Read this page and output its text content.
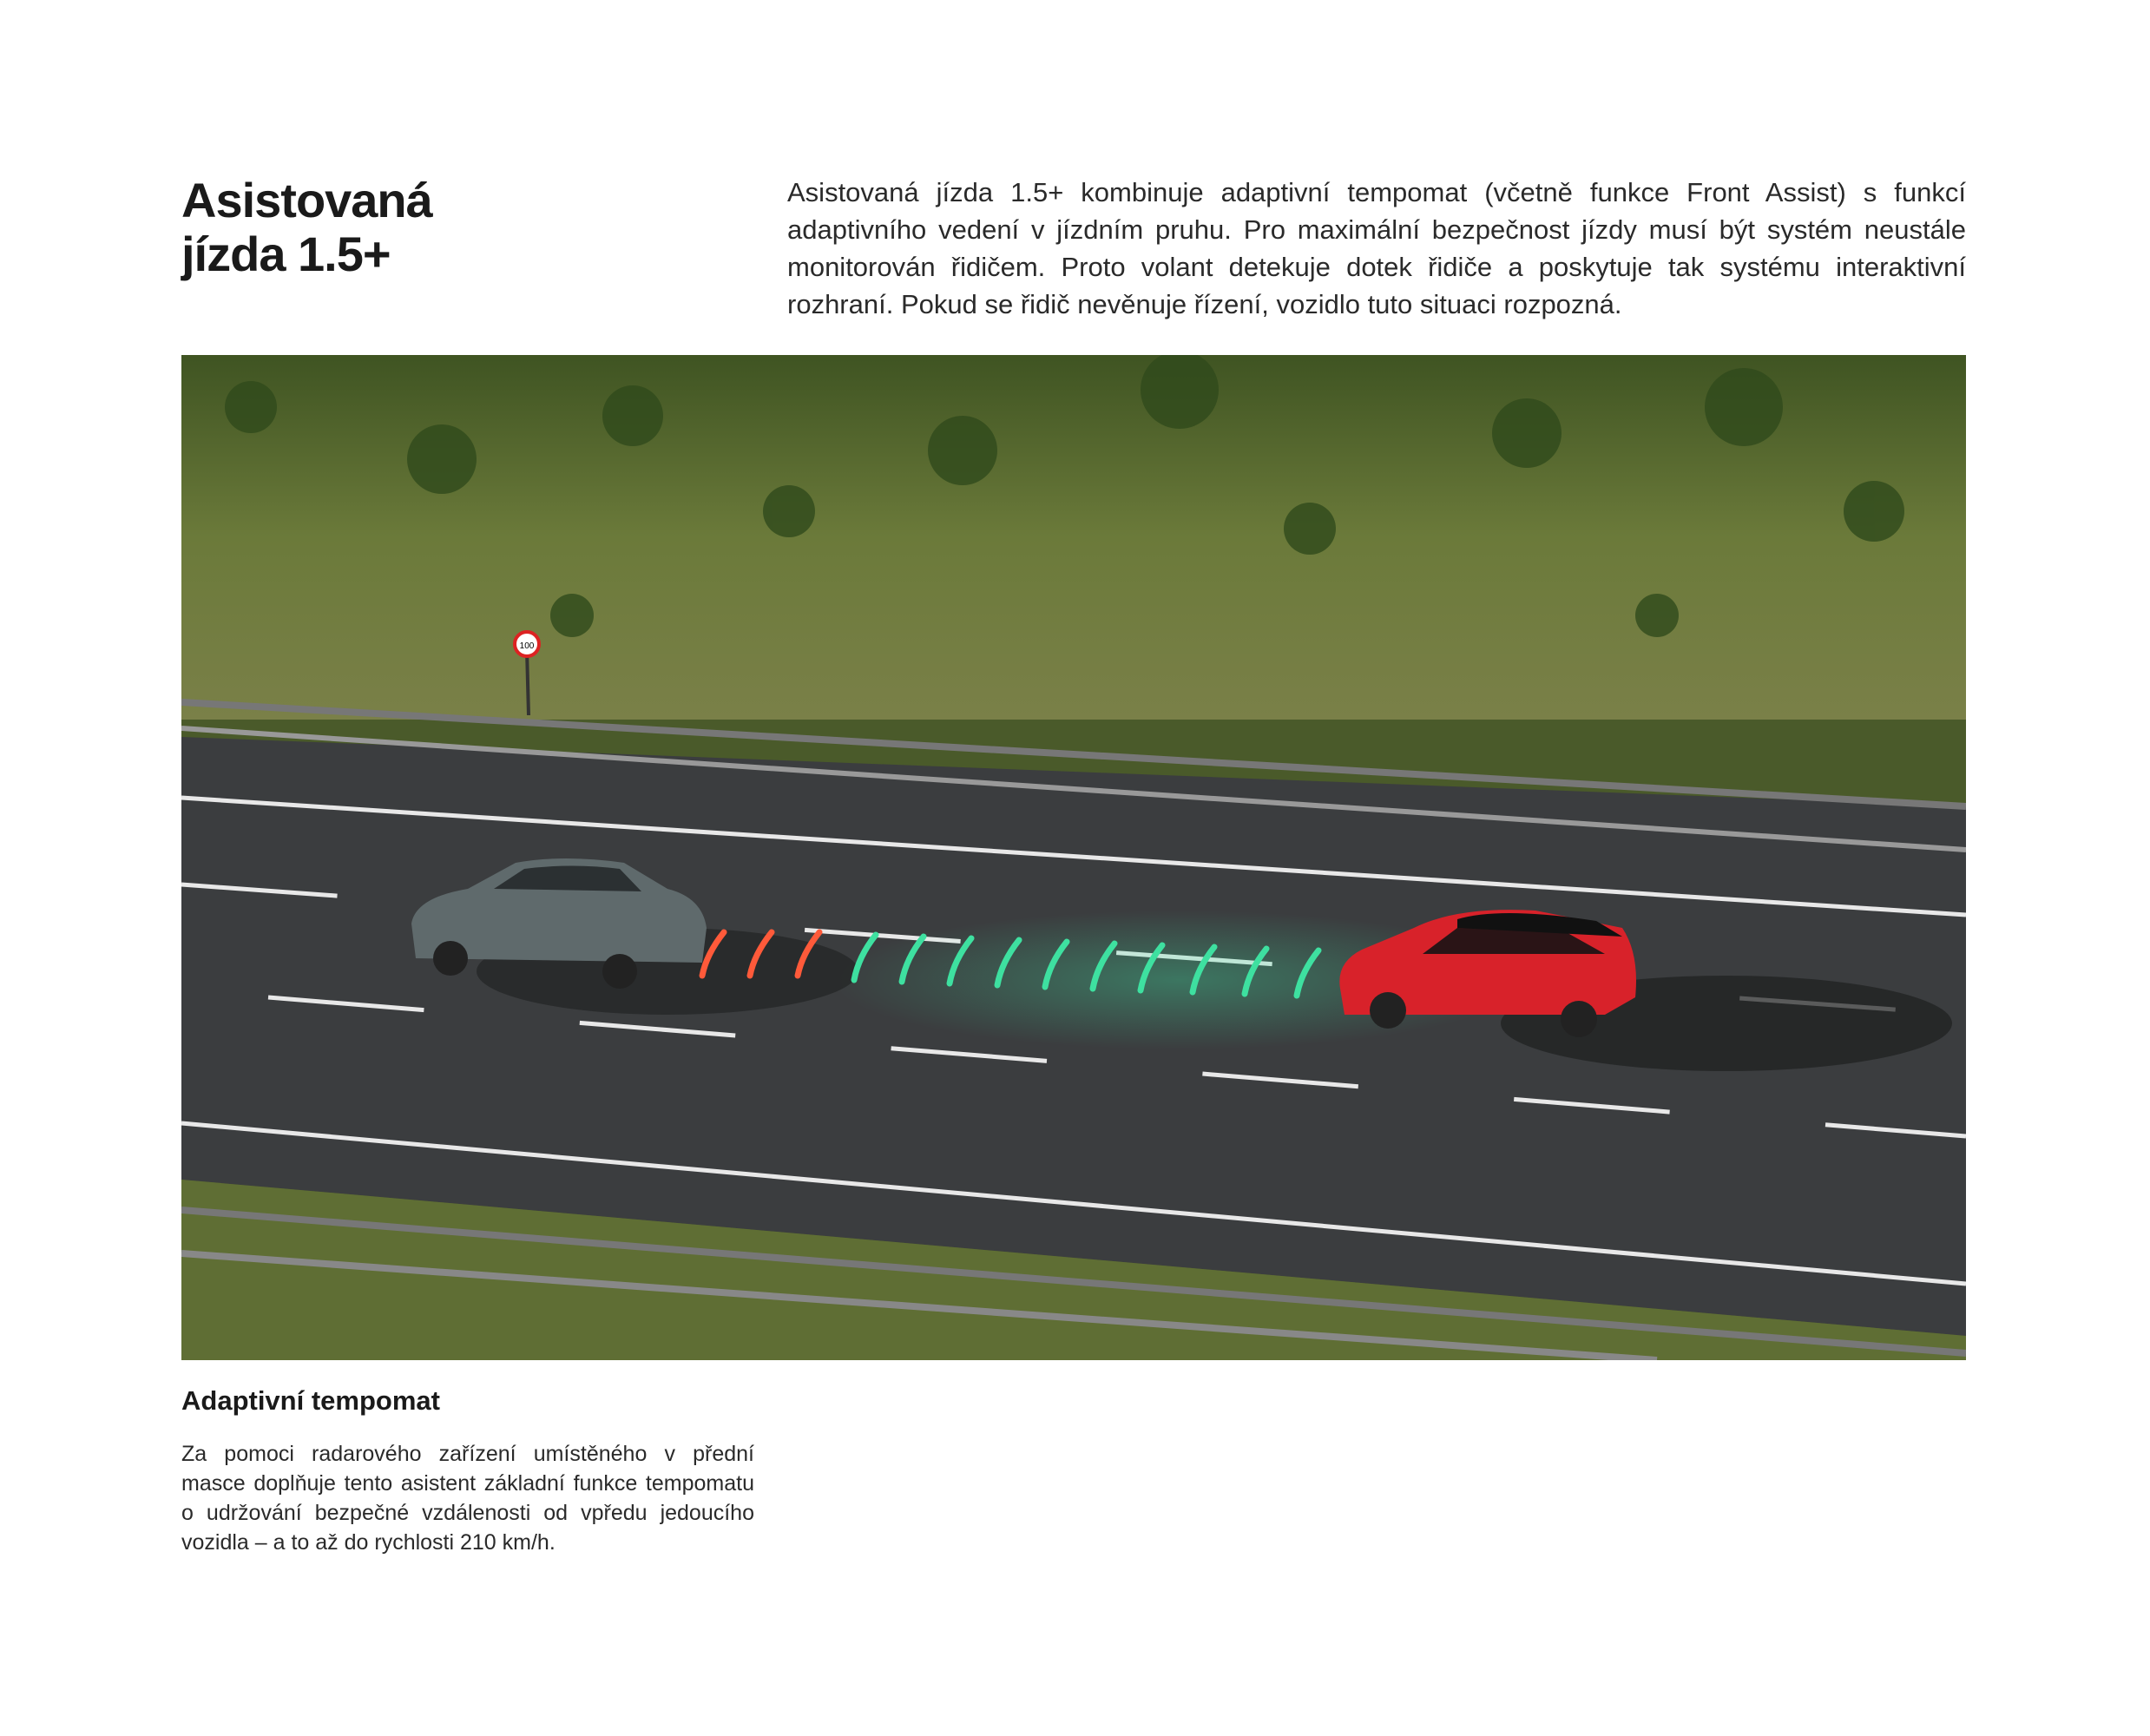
Asistovaná
jízda 1.5+

Asistovaná jízda 1.5+ kombinuje adaptivní tempomat (včetně funkce Front Assist) s funkcí adaptivního vedení v jízdním pruhu. Pro maximální bezpečnost jízdy musí být systém neustále monitorován řidičem. Proto volant detekuje dotek řidiče a poskytuje tak systému interaktivní rozhraní. Pokud se řidič nevěnuje řízení, vozidlo tuto situaci rozpozná.

100
Adaptivní tempomat

Za pomoci radarového zařízení umístěného v přední masce doplňuje tento asistent základní funkce tempomatu o udržování bezpečné vzdálenosti od vpředu jedoucího vozidla – a to až do rychlosti 210 km/h.
